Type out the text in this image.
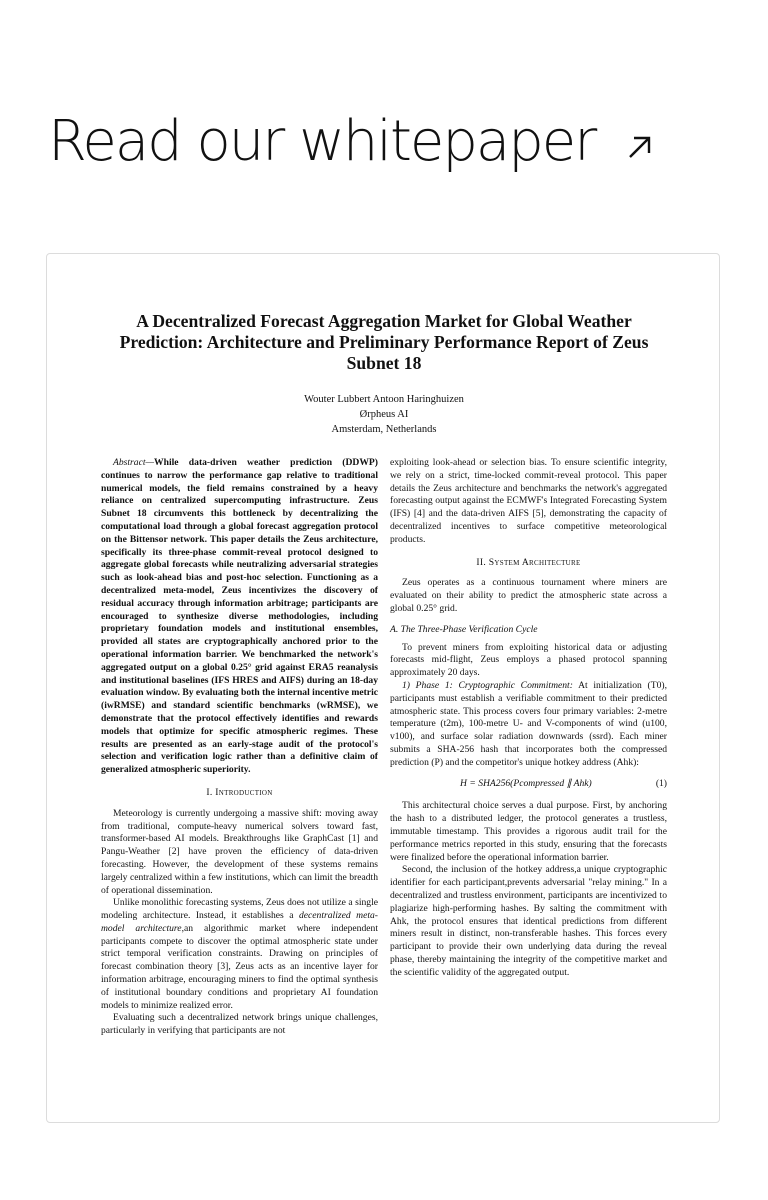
Read our whitepaper
A Decentralized Forecast Aggregation Market for Global Weather Prediction: Architecture and Preliminary Performance Report of Zeus Subnet 18
Wouter Lubbert Antoon Haringhuizen
Ørpheus AI
Amsterdam, Netherlands

Abstract—While data-driven weather prediction (DDWP) continues to narrow the performance gap relative to traditional numerical models, the field remains constrained by a heavy reliance on centralized supercomputing infrastructure. Zeus Subnet 18 circumvents this bottleneck by decentralizing the computational load through a global forecast aggregation protocol on the Bittensor network. This paper details the Zeus architecture, specifically its three-phase commit-reveal protocol designed to aggregate global forecasts while neutralizing adversarial strategies such as look-ahead bias and post-hoc selection. Functioning as a decentralized meta-model, Zeus incentivizes the discovery of residual accuracy through information arbitrage; participants are encouraged to synthesize diverse methodologies, including proprietary foundation models and institutional ensembles, provided all states are cryptographically anchored prior to the operational information barrier. We benchmarked the network's aggregated output on a global 0.25° grid against ERA5 reanalysis and institutional baselines (IFS HRES and AIFS) during an 18-day evaluation window. By evaluating both the internal incentive metric (iwRMSE) and standard scientific benchmarks (wRMSE), we demonstrate that the protocol effectively identifies and rewards models that optimize for specific atmospheric regimes. These results are presented as an early-stage audit of the protocol's selection and verification logic rather than a definitive claim of generalized atmospheric superiority.

I. Introduction

Meteorology is currently undergoing a massive shift: moving away from traditional, compute-heavy numerical solvers toward fast, transformer-based AI models. Breakthroughs like GraphCast [1] and Pangu-Weather [2] have proven the efficiency of data-driven forecasting. However, the development of these systems remains largely centralized within a few institutions, which can limit the breadth of operational dissemination.

Unlike monolithic forecasting systems, Zeus does not utilize a single modeling architecture. Instead, it establishes a decentralized meta-model architecture,an algorithmic market where independent participants compete to discover the optimal atmospheric state under strict temporal verification constraints. Drawing on principles of forecast combination theory [3], Zeus acts as an incentive layer for information arbitrage, encouraging miners to find the optimal synthesis of institutional boundary conditions and proprietary AI foundation models to minimize realized error.

Evaluating such a decentralized network brings unique challenges, particularly in verifying that participants are not

exploiting look-ahead or selection bias. To ensure scientific integrity, we rely on a strict, time-locked commit-reveal protocol. This paper details the Zeus architecture and benchmarks the network's aggregated forecasting output against the ECMWF's Integrated Forecasting System (IFS) [4] and the data-driven AIFS [5], demonstrating the capacity of decentralized incentives to surface competitive meteorological products.

II. System Architecture

Zeus operates as a continuous tournament where miners are evaluated on their ability to predict the atmospheric state across a global 0.25° grid.

A. The Three-Phase Verification Cycle

To prevent miners from exploiting historical data or adjusting forecasts mid-flight, Zeus employs a phased protocol spanning approximately 20 days.

1) Phase 1: Cryptographic Commitment: At initialization (T0), participants must establish a verifiable commitment to their predicted atmospheric state. This process covers four primary variables: 2-metre temperature (t2m), 100-metre U- and V-components of wind (u100, v100), and surface solar radiation downwards (ssrd). Each miner submits a SHA-256 hash that incorporates both the compressed prediction (P) and the competitor's unique hotkey address (Ahk):

H = SHA256(Pcompressed ∥ Ahk)	(1)

This architectural choice serves a dual purpose. First, by anchoring the hash to a distributed ledger, the protocol generates a trustless, immutable timestamp. This provides a rigorous audit trail for the performance metrics reported in this study, ensuring that the forecasts were finalized before the operational information barrier.

Second, the inclusion of the hotkey address,a unique cryptographic identifier for each participant,prevents adversarial "relay mining." In a decentralized and trustless environment, participants are incentivized to plagiarize high-performing hashes. By salting the commitment with Ahk, the protocol ensures that identical predictions from different miners result in distinct, non-transferable hashes. This forces every participant to provide their own underlying data during the reveal phase, thereby maintaining the integrity of the competitive market and the scientific validity of the aggregated output.
